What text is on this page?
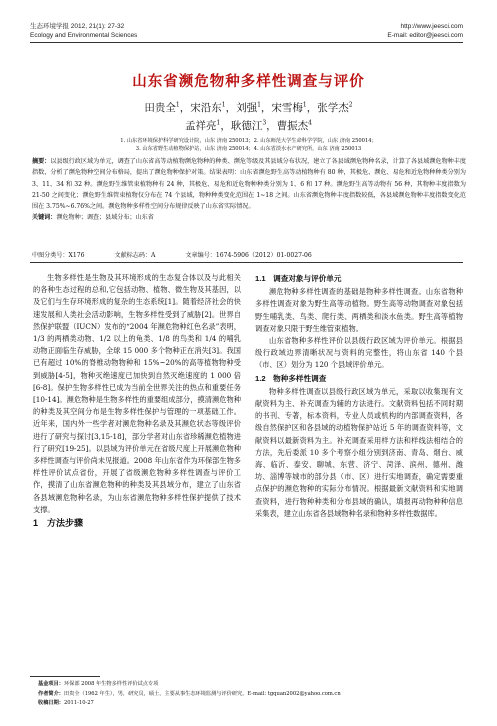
生态环境学报 2012, 21(1): 27-32
Ecology and Environmental Sciences
http://www.jeesci.com
E-mail: editor@jeesci.com
山东省濒危物种多样性调查与评价
田贵全$^1$，宋沿东$^1$，刘强$^1$，宋雪梅$^1$，张学杰$^2$
孟祥亮$^1$，耿德江$^3$，曹振杰$^4$
1. 山东省环境保护科学研究设计院，山东 济南 250013；2. 山东师范大学生命科学学院，山东 济南 250014；
3. 山东省野生动植物保护站，山东 济南 250014；4. 山东省淡水水产研究所，山东 济南 250013
摘要：以县级行政区域为单元，调查了山东省高等动植物濒危物种的种类、濒危等级及其县域分布状况，建立了各县域濒危物种名录，计算了各县域濒危物种丰度指数，分析了濒危物种空间分布格局，提出了濒危物种保护对策。结果表明：山东省濒危野生高等动植物种有 80 种，其极危、濒危、易危和近危物种种类分别为 3、11、34 和 32 种。濒危野生维管束植物种有 24 种，其极危、易危和近危物种种类分别为 1、6 和 17 种。濒危野生高等动物有 56 种，其物种丰度指数为 21-50 之间变化；濒危野生维管束植物仅分布在 74 个县域，物种种类变化范围在 1~18 之间。山东省濒危物种丰度指数较低，各县域濒危物种丰度指数变化范围在 3.75%~6.76%之间。濒危物种多样性空间分布规律反映了山东省实际情况。
关键词：濒危物种；调查；县域分布；山东省
中图分类号：X176	文献标志码：A	文章编号：1674-5906（2012）01-0027-06

生物多样性是生物及其环境形成的生态复合体以及与此相关的各种生态过程的总和,它包括动物、植物、微生物及其基因，以及它们与生存环境形成的复杂的生态系统[1]。随着经济社会的快速发展和人类社会活动影响，生物多样性受到了威胁[2]。世界自然保护联盟（IUCN）发布的“2004 年濒危物种红色名录”表明，1/3 的两栖类动物、1/2 以上的龟类、1/8 的鸟类和 1/4 的哺乳动物正面临生存威胁，全球 15 000 多个物种正在消失[3]。我国已有超过 10%的脊椎动物物种和 15%~20%的高等植物物种受到威胁[4-5]，物种灭绝速度已加快到自然灭绝速度的 1 000 倍[6-8]。保护生物多样性已成为当前全世界关注的热点和重要任务[10-14]。濒危物种是生物多样性的重要组成部分，摸清濒危物种的种类及其空间分布是生物多样性保护与管理的一项基础工作。近年来，国内外一些学者对濒危物种名录及其濒危状态等级评价进行了研究与探讨[3,15-18]，部分学者对山东省珍稀濒危植物进行了研究[19-25]。以县域为评价单元在省级尺度上开展濒危物种多样性调查与评价尚未见报道。2008 年山东省作为环保部生物多样性评价试点省份，开展了省级濒危物种多样性调查与评价工作，摸清了山东省濒危物种的种类及其县域分布，建立了山东省各县域濒危物种名录，为山东省濒危物种多样性保护提供了技术支撑。

1　方法步骤
1.1　调查对象与评价单元

濒危物种多样性调查的基础是物种多样性调查。山东省物种多样性调查对象为野生高等动植物。野生高等动物调查对象包括野生哺乳类、鸟类、爬行类、两栖类和淡水鱼类。野生高等植物调查对象只限于野生维管束植物。

山东省物种多样性评价以县级行政区域为评价单元。根据县级行政域边界清晰状况与资料的完整性，将山东省 140 个县（市、区）划分为 120 个县域评价单元。

1.2　物种多样性调查

物种多样性调查以县级行政区域为单元，采取以收集现有文献资料为主、补充调查为辅的方法进行。文献资料包括不同时期的书刊、专著，标本资料，专业人员或机构的内部调查资料，各级自然保护区和各县域的动植物保护站近 5 年的调查资料等，文献资料以最新资料为主。补充调查采用样方法和样线法相结合的方法，先后委派 10 多个考察小组分别到济南、青岛、烟台、威海、临沂、泰安、聊城、东营、济宁、菏泽、滨州、德州、潍坊、淄博等城市的部分县（市、区）进行实地调查，确定需要重点保护的濒危物种的实际分布情况。根据最新文献资料和实地调查资料，进行物种种类和分布县域的确认，填报再动物种种信息采集表，建立山东省各县域物种名录和物种多样性数据库。

基金项目：环保部 2008 年生物多样性评价试点专项
作者简介：田贵全（1962 年生），男，研究员，硕士，主要从事生态环境监测与评价研究。E-mail: tgquan2002@yahoo.com.cn
收稿日期：2011-10-27
